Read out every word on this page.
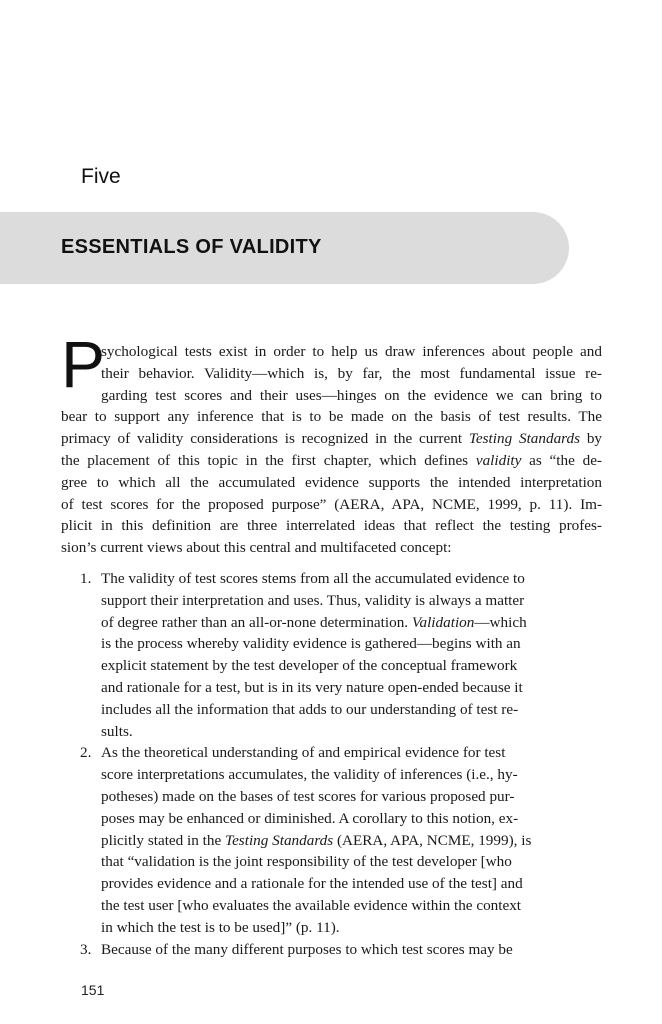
Five
ESSENTIALS OF VALIDITY
P
sychological tests exist in order to help us draw inferences about people and
their behavior. Validity—which is, by far, the most fundamental issue re-
garding test scores and their uses—hinges on the evidence we can bring to
bear to support any inference that is to be made on the basis of test results. The
primacy of validity considerations is recognized in the current Testing Standards by
the placement of this topic in the first chapter, which defines validity as “the de-
gree to which all the accumulated evidence supports the intended interpretation
of test scores for the proposed purpose” (AERA, APA, NCME, 1999, p. 11). Im-
plicit in this definition are three interrelated ideas that reflect the testing profes-
sion’s current views about this central and multifaceted concept:
1. The validity of test scores stems from all the accumulated evidence to
support their interpretation and uses. Thus, validity is always a matter
of degree rather than an all-or-none determination. Validation—which
is the process whereby validity evidence is gathered—begins with an
explicit statement by the test developer of the conceptual framework
and rationale for a test, but is in its very nature open-ended because it
includes all the information that adds to our understanding of test re-
sults.
2. As the theoretical understanding of and empirical evidence for test
score interpretations accumulates, the validity of inferences (i.e., hy-
potheses) made on the bases of test scores for various proposed pur-
poses may be enhanced or diminished. A corollary to this notion, ex-
plicitly stated in the Testing Standards (AERA, APA, NCME, 1999), is
that “validation is the joint responsibility of the test developer [who
provides evidence and a rationale for the intended use of the test] and
the test user [who evaluates the available evidence within the context
in which the test is to be used]” (p. 11).
3. Because of the many different purposes to which test scores may be
151
